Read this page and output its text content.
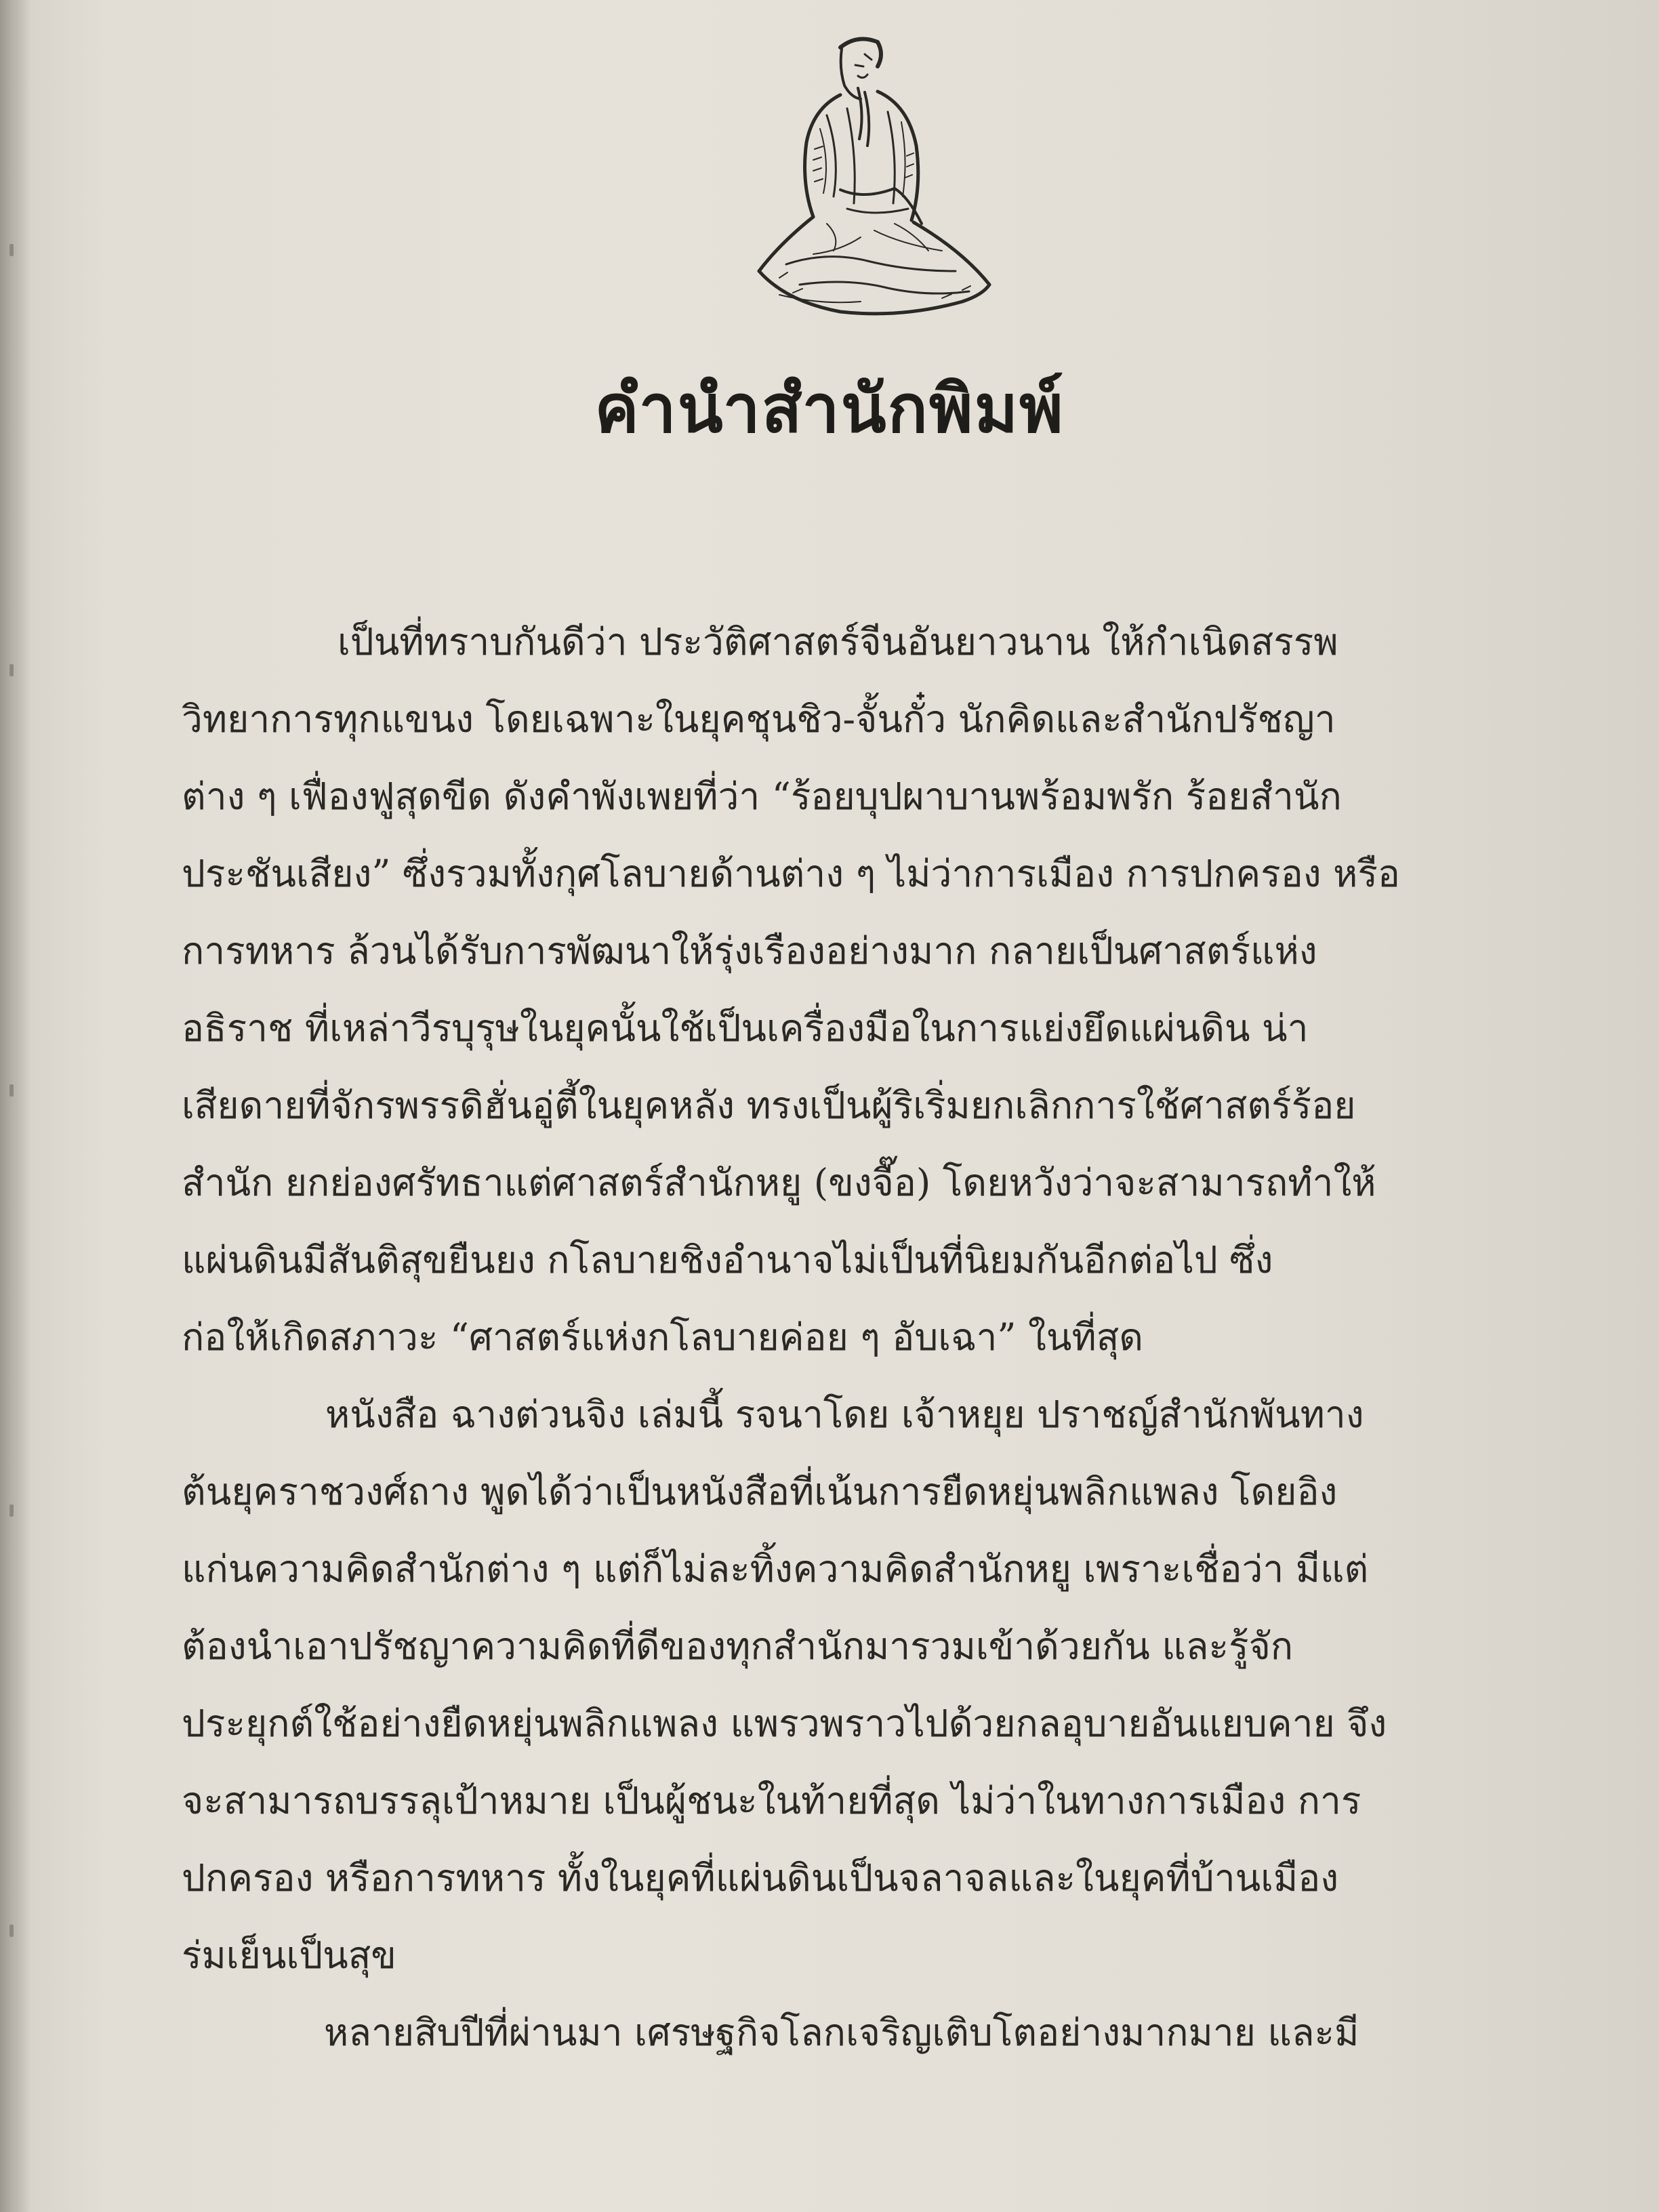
คำนำสำนักพิมพ์
เป็นที่ทราบกันดีว่า ประวัติศาสตร์จีนอันยาวนาน ให้กำเนิดสรรพ
วิทยาการทุกแขนง โดยเฉพาะในยุคชุนชิว-จั้นกั๋ว นักคิดและสำนักปรัชญา
ต่าง ๆ เฟื่องฟูสุดขีด ดังคำพังเพยที่ว่า “ร้อยบุปผาบานพร้อมพรัก ร้อยสำนัก
ประชันเสียง” ซึ่งรวมทั้งกุศโลบายด้านต่าง ๆ ไม่ว่าการเมือง การปกครอง หรือ
การทหาร ล้วนได้รับการพัฒนาให้รุ่งเรืองอย่างมาก กลายเป็นศาสตร์แห่ง
อธิราช ที่เหล่าวีรบุรุษในยุคนั้นใช้เป็นเครื่องมือในการแย่งยึดแผ่นดิน น่า
เสียดายที่จักรพรรดิฮั่นอู่ตี้ในยุคหลัง ทรงเป็นผู้ริเริ่มยกเลิกการใช้ศาสตร์ร้อย
สำนัก ยกย่องศรัทธาแต่ศาสตร์สำนักหยู (ขงจื๊อ) โดยหวังว่าจะสามารถทำให้
แผ่นดินมีสันติสุขยืนยง กโลบายชิงอำนาจไม่เป็นที่นิยมกันอีกต่อไป ซึ่ง
ก่อให้เกิดสภาวะ “ศาสตร์แห่งกโลบายค่อย ๆ อับเฉา” ในที่สุด
หนังสือ ฉางต่วนจิง เล่มนี้ รจนาโดย เจ้าหยุย ปราชญ์สำนักพันทาง
ต้นยุคราชวงศ์ถาง พูดได้ว่าเป็นหนังสือที่เน้นการยืดหยุ่นพลิกแพลง โดยอิง
แก่นความคิดสำนักต่าง ๆ แต่ก็ไม่ละทิ้งความคิดสำนักหยู เพราะเชื่อว่า มีแต่
ต้องนำเอาปรัชญาความคิดที่ดีของทุกสำนักมารวมเข้าด้วยกัน และรู้จัก
ประยุกต์ใช้อย่างยืดหยุ่นพลิกแพลง แพรวพราวไปด้วยกลอุบายอันแยบคาย จึง
จะสามารถบรรลุเป้าหมาย เป็นผู้ชนะในท้ายที่สุด ไม่ว่าในทางการเมือง การ
ปกครอง หรือการทหาร ทั้งในยุคที่แผ่นดินเป็นจลาจลและในยุคที่บ้านเมือง
ร่มเย็นเป็นสุข
หลายสิบปีที่ผ่านมา เศรษฐกิจโลกเจริญเติบโตอย่างมากมาย และมี
